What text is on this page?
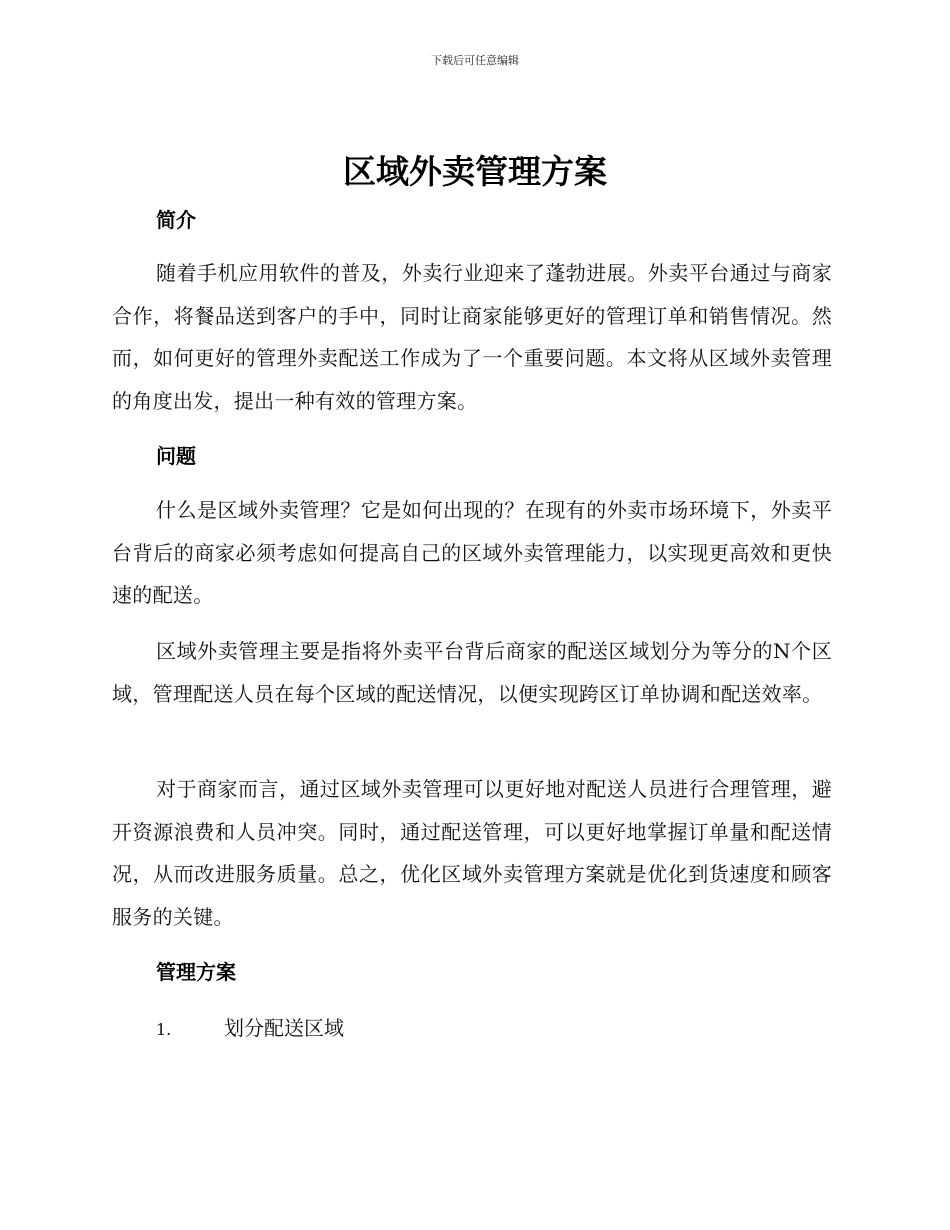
下载后可任意编辑
区域外卖管理方案
简介

随着手机应用软件的普及，外卖行业迎来了蓬勃进展。外卖平台通过与商家合作，将餐品送到客户的手中，同时让商家能够更好的管理订单和销售情况。然而，如何更好的管理外卖配送工作成为了一个重要问题。本文将从区域外卖管理的角度出发，提出一种有效的管理方案。

问题

什么是区域外卖管理？它是如何出现的？在现有的外卖市场环境下，外卖平台背后的商家必须考虑如何提高自己的区域外卖管理能力，以实现更高效和更快速的配送。

区域外卖管理主要是指将外卖平台背后商家的配送区域划分为等分的N个区域，管理配送人员在每个区域的配送情况，以便实现跨区订单协调和配送效率。

对于商家而言，通过区域外卖管理可以更好地对配送人员进行合理管理，避开资源浪费和人员冲突。同时，通过配送管理，可以更好地掌握订单量和配送情况，从而改进服务质量。总之，优化区域外卖管理方案就是优化到货速度和顾客服务的关键。

管理方案
1.	划分配送区域
